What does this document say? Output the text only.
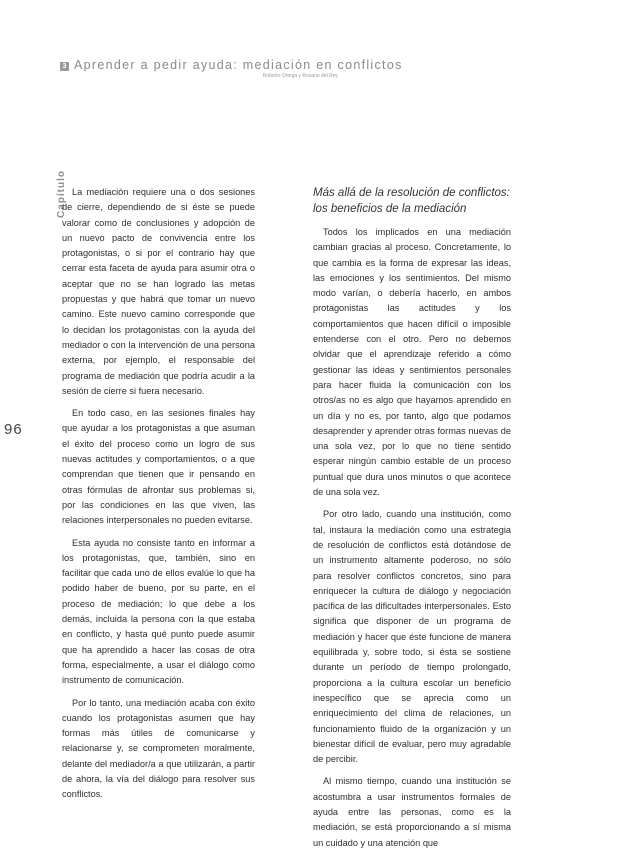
Capítulo
3 Aprender a pedir ayuda: mediación en conflictos
Roberto Ortega y Rosario del Rey
96

La mediación requiere una o dos sesiones de cierre, dependiendo de si éste se puede valorar como de conclusiones y adopción de un nuevo pacto de convivencia entre los protagonistas, o si por el contrario hay que cerrar esta faceta de ayuda para asumir otra o aceptar que no se han logrado las metas propuestas y que habrá que tomar un nuevo camino. Este nuevo camino corresponde que lo decidan los protagonistas con la ayuda del mediador o con la intervención de una persona externa, por ejemplo, el responsable del programa de mediación que podría acudir a la sesión de cierre si fuera necesario.

En todo caso, en las sesiones finales hay que ayudar a los protagonistas a que asuman el éxito del proceso como un logro de sus nuevas actitudes y comportamientos, o a que comprendan que tienen que ir pensando en otras fórmulas de afrontar sus problemas si, por las condiciones en las que viven, las relaciones interpersonales no pueden evitarse.

Esta ayuda no consiste tanto en informar a los protagonistas, que, también, sino en facilitar que cada uno de ellos evalúe lo que ha podido haber de bueno, por su parte, en el proceso de mediación; lo que debe a los demás, incluida la persona con la que estaba en conflicto, y hasta qué punto puede asumir que ha aprendido a hacer las cosas de otra forma, especialmente, a usar el diálogo como instrumento de comunicación.

Por lo tanto, una mediación acaba con éxito cuando los protagonistas asumen que hay formas más útiles de comunicarse y relacionarse y, se comprometen moralmente, delante del mediador/a a que utilizarán, a partir de ahora, la vía del diálogo para resolver sus conflictos.

Más allá de la resolución de conflictos: los beneficios de la mediación

Todos los implicados en una mediación cambian gracias al proceso. Concretamente, lo que cambia es la forma de expresar las ideas, las emociones y los sentimientos. Del mismo modo varían, o debería hacerlo, en ambos protagonistas las actitudes y los comportamientos que hacen difícil o imposible entenderse con el otro. Pero no debemos olvidar que el aprendizaje referido a cómo gestionar las ideas y sentimientos personales para hacer fluida la comunicación con los otros/as no es algo que hayamos aprendido en un día y no es, por tanto, algo que podamos desaprender y aprender otras formas nuevas de una sola vez, por lo que no tiene sentido esperar ningún cambio estable de un proceso puntual que dura unos minutos o que acontece de una sola vez.

Por otro lado, cuando una institución, como tal, instaura la mediación como una estrategia de resolución de conflictos está dotándose de un instrumento altamente poderoso, no sólo para resolver conflictos concretos, sino para enriquecer la cultura de diálogo y negociación pacífica de las dificultades interpersonales. Esto significa que disponer de un programa de mediación y hacer que éste funcione de manera equilibrada y, sobre todo, si ésta se sostiene durante un período de tiempo prolongado, proporciona a la cultura escolar un beneficio inespecífico que se aprecia como un enriquecimiento del clima de relaciones, un funcionamiento fluido de la organización y un bienestar difícil de evaluar, pero muy agradable de percibir.

Al mismo tiempo, cuando una institución se acostumbra a usar instrumentos formales de ayuda entre las personas, como es la mediación, se está proporcionando a sí misma un cuidado y una atención que
